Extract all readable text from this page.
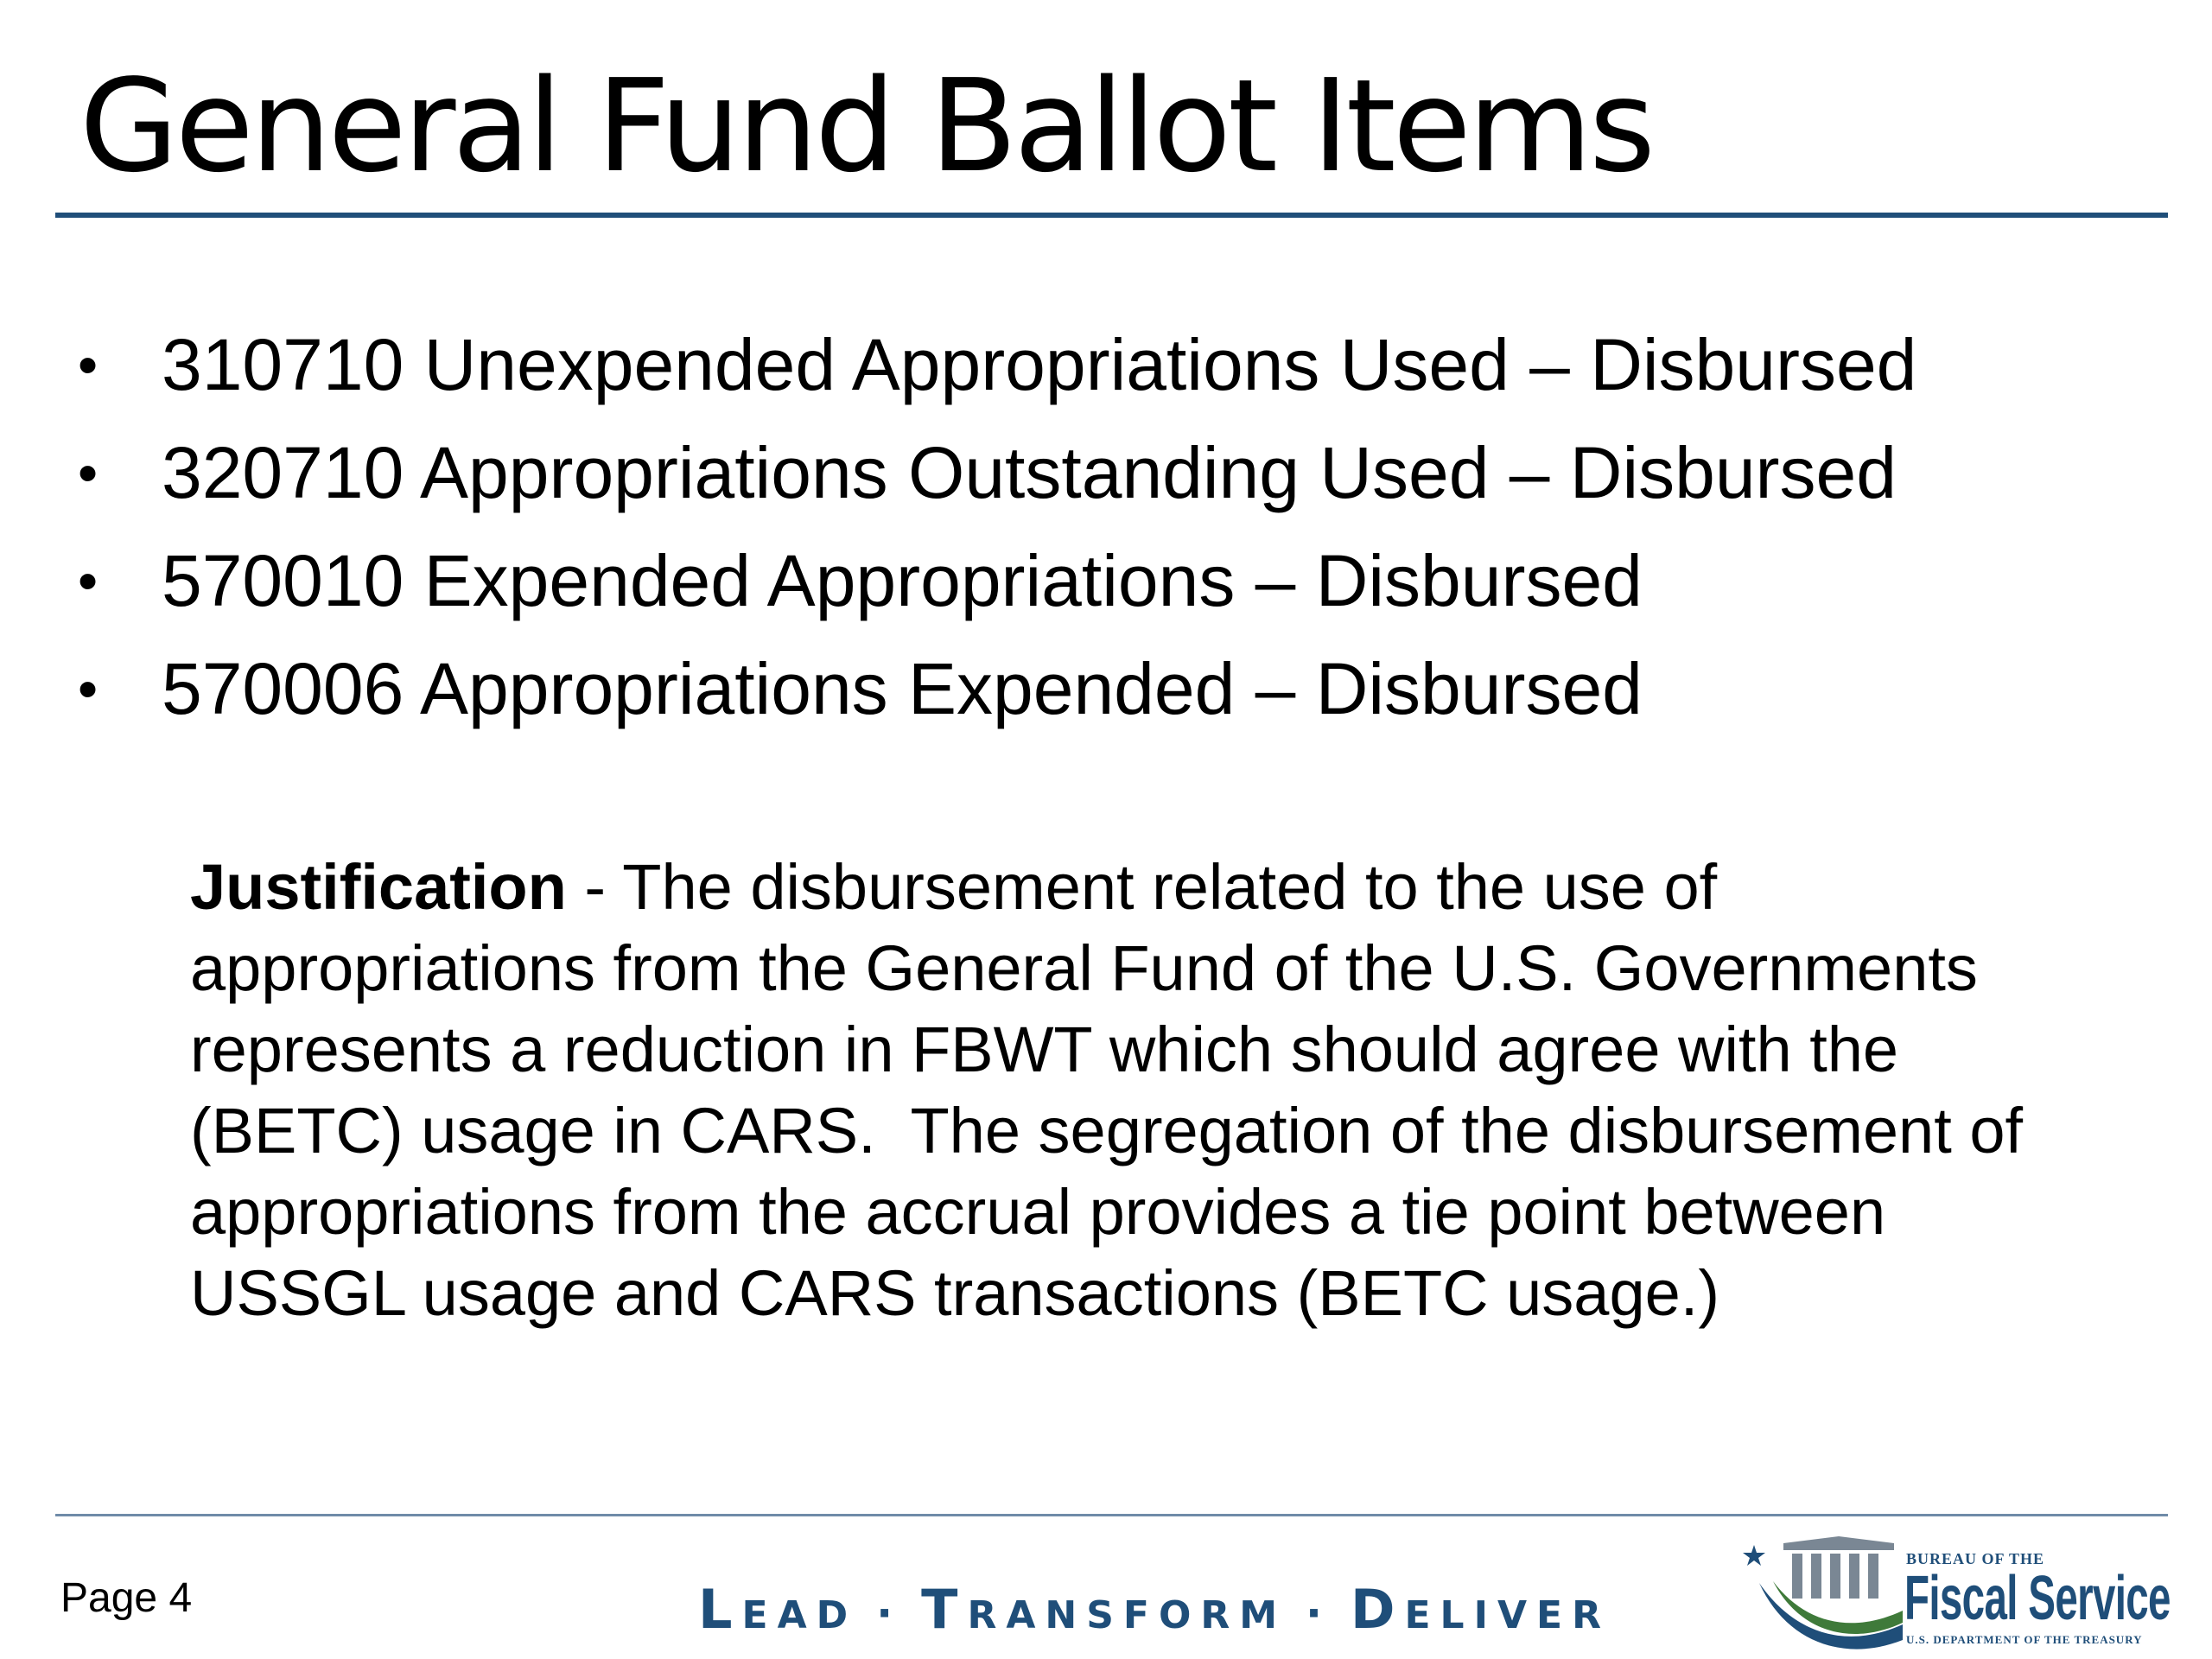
General Fund Ballot Items
• 310710 Unexpended Appropriations Used – Disbursed
• 320710 Appropriations Outstanding Used – Disbursed
• 570010 Expended Appropriations – Disbursed
• 570006 Appropriations Expended – Disbursed

Justification - The disbursement related to the use of
appropriations from the General Fund of the U.S. Governments
represents a reduction in FBWT which should agree with the
(BETC) usage in CARS.  The segregation of the disbursement of
appropriations from the accrual provides a tie point between
USSGL usage and CARS transactions (BETC usage.)

Page 4	LEAD · TRANSFORM · DELIVER
BUREAU OF THE
Fiscal Service
U.S. DEPARTMENT OF THE TREASURY
